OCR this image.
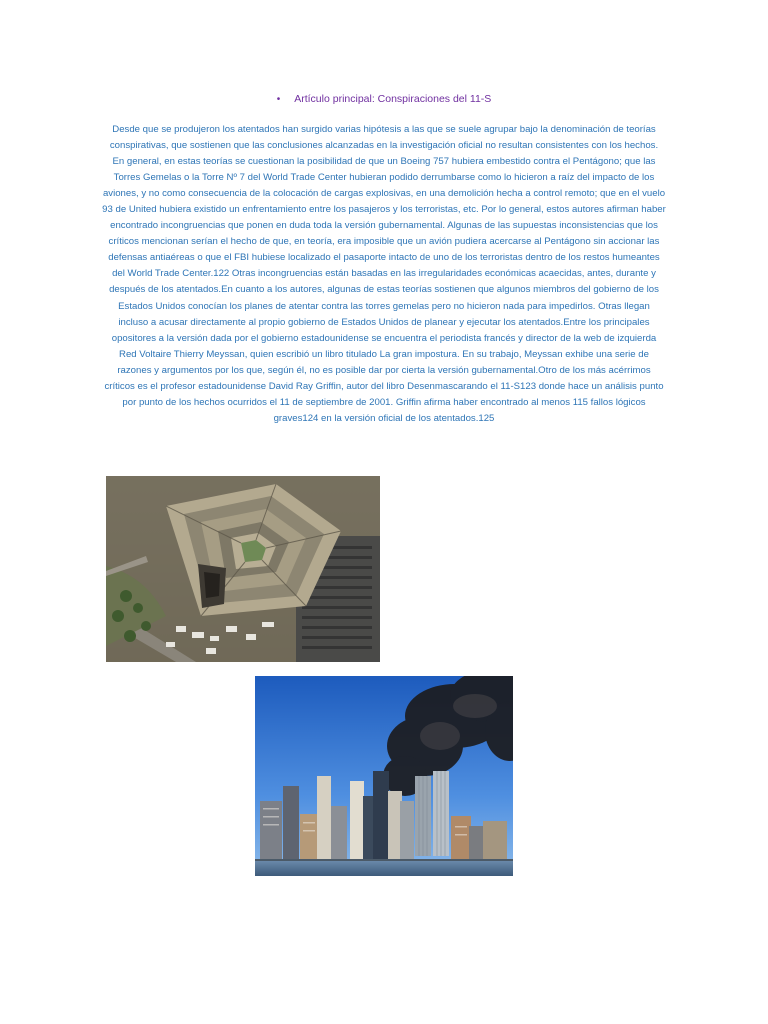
• Artículo principal: Conspiraciones del 11-S

Desde que se produjeron los atentados han surgido varias hipótesis a las que se suele agrupar bajo la denominación de teorías conspirativas, que sostienen que las conclusiones alcanzadas en la investigación oficial no resultan consistentes con los hechos.

En general, en estas teorías se cuestionan la posibilidad de que un Boeing 757 hubiera embestido contra el Pentágono; que las Torres Gemelas o la Torre Nº 7 del World Trade Center hubieran podido derrumbarse como lo hicieron a raíz del impacto de los aviones, y no como consecuencia de la colocación de cargas explosivas, en una demolición hecha a control remoto; que en el vuelo 93 de United hubiera existido un enfrentamiento entre los pasajeros y los terroristas, etc. Por lo general, estos autores afirman haber encontrado incongruencias que ponen en duda toda la versión gubernamental. Algunas de las supuestas inconsistencias que los críticos mencionan serían el hecho de que, en teoría, era imposible que un avión pudiera acercarse al Pentágono sin accionar las defensas antiaéreas o que el FBI hubiese localizado el pasaporte intacto de uno de los terroristas dentro de los restos humeantes del World Trade Center.122 Otras incongruencias están basadas en las irregularidades económicas acaecidas, antes, durante y después de los atentados.En cuanto a los autores, algunas de estas teorías sostienen que algunos miembros del gobierno de los Estados Unidos conocían los planes de atentar contra las torres gemelas pero no hicieron nada para impedirlos. Otras llegan incluso a acusar directamente al propio gobierno de Estados Unidos de planear y ejecutar los atentados.Entre los principales opositores a la versión dada por el gobierno estadounidense se encuentra el periodista francés y director de la web de izquierda Red Voltaire Thierry Meyssan, quien escribió un libro titulado La gran impostura. En su trabajo, Meyssan exhibe una serie de razones y argumentos por los que, según él, no es posible dar por cierta la versión gubernamental.Otro de los más acérrimos críticos es el profesor estadounidense David Ray Griffin, autor del libro Desenmascarando el 11-S123 donde hace un análisis punto por punto de los hechos ocurridos el 11 de septiembre de 2001. Griffin afirma haber encontrado al menos 115 fallos lógicos graves124 en la versión oficial de los atentados.125
